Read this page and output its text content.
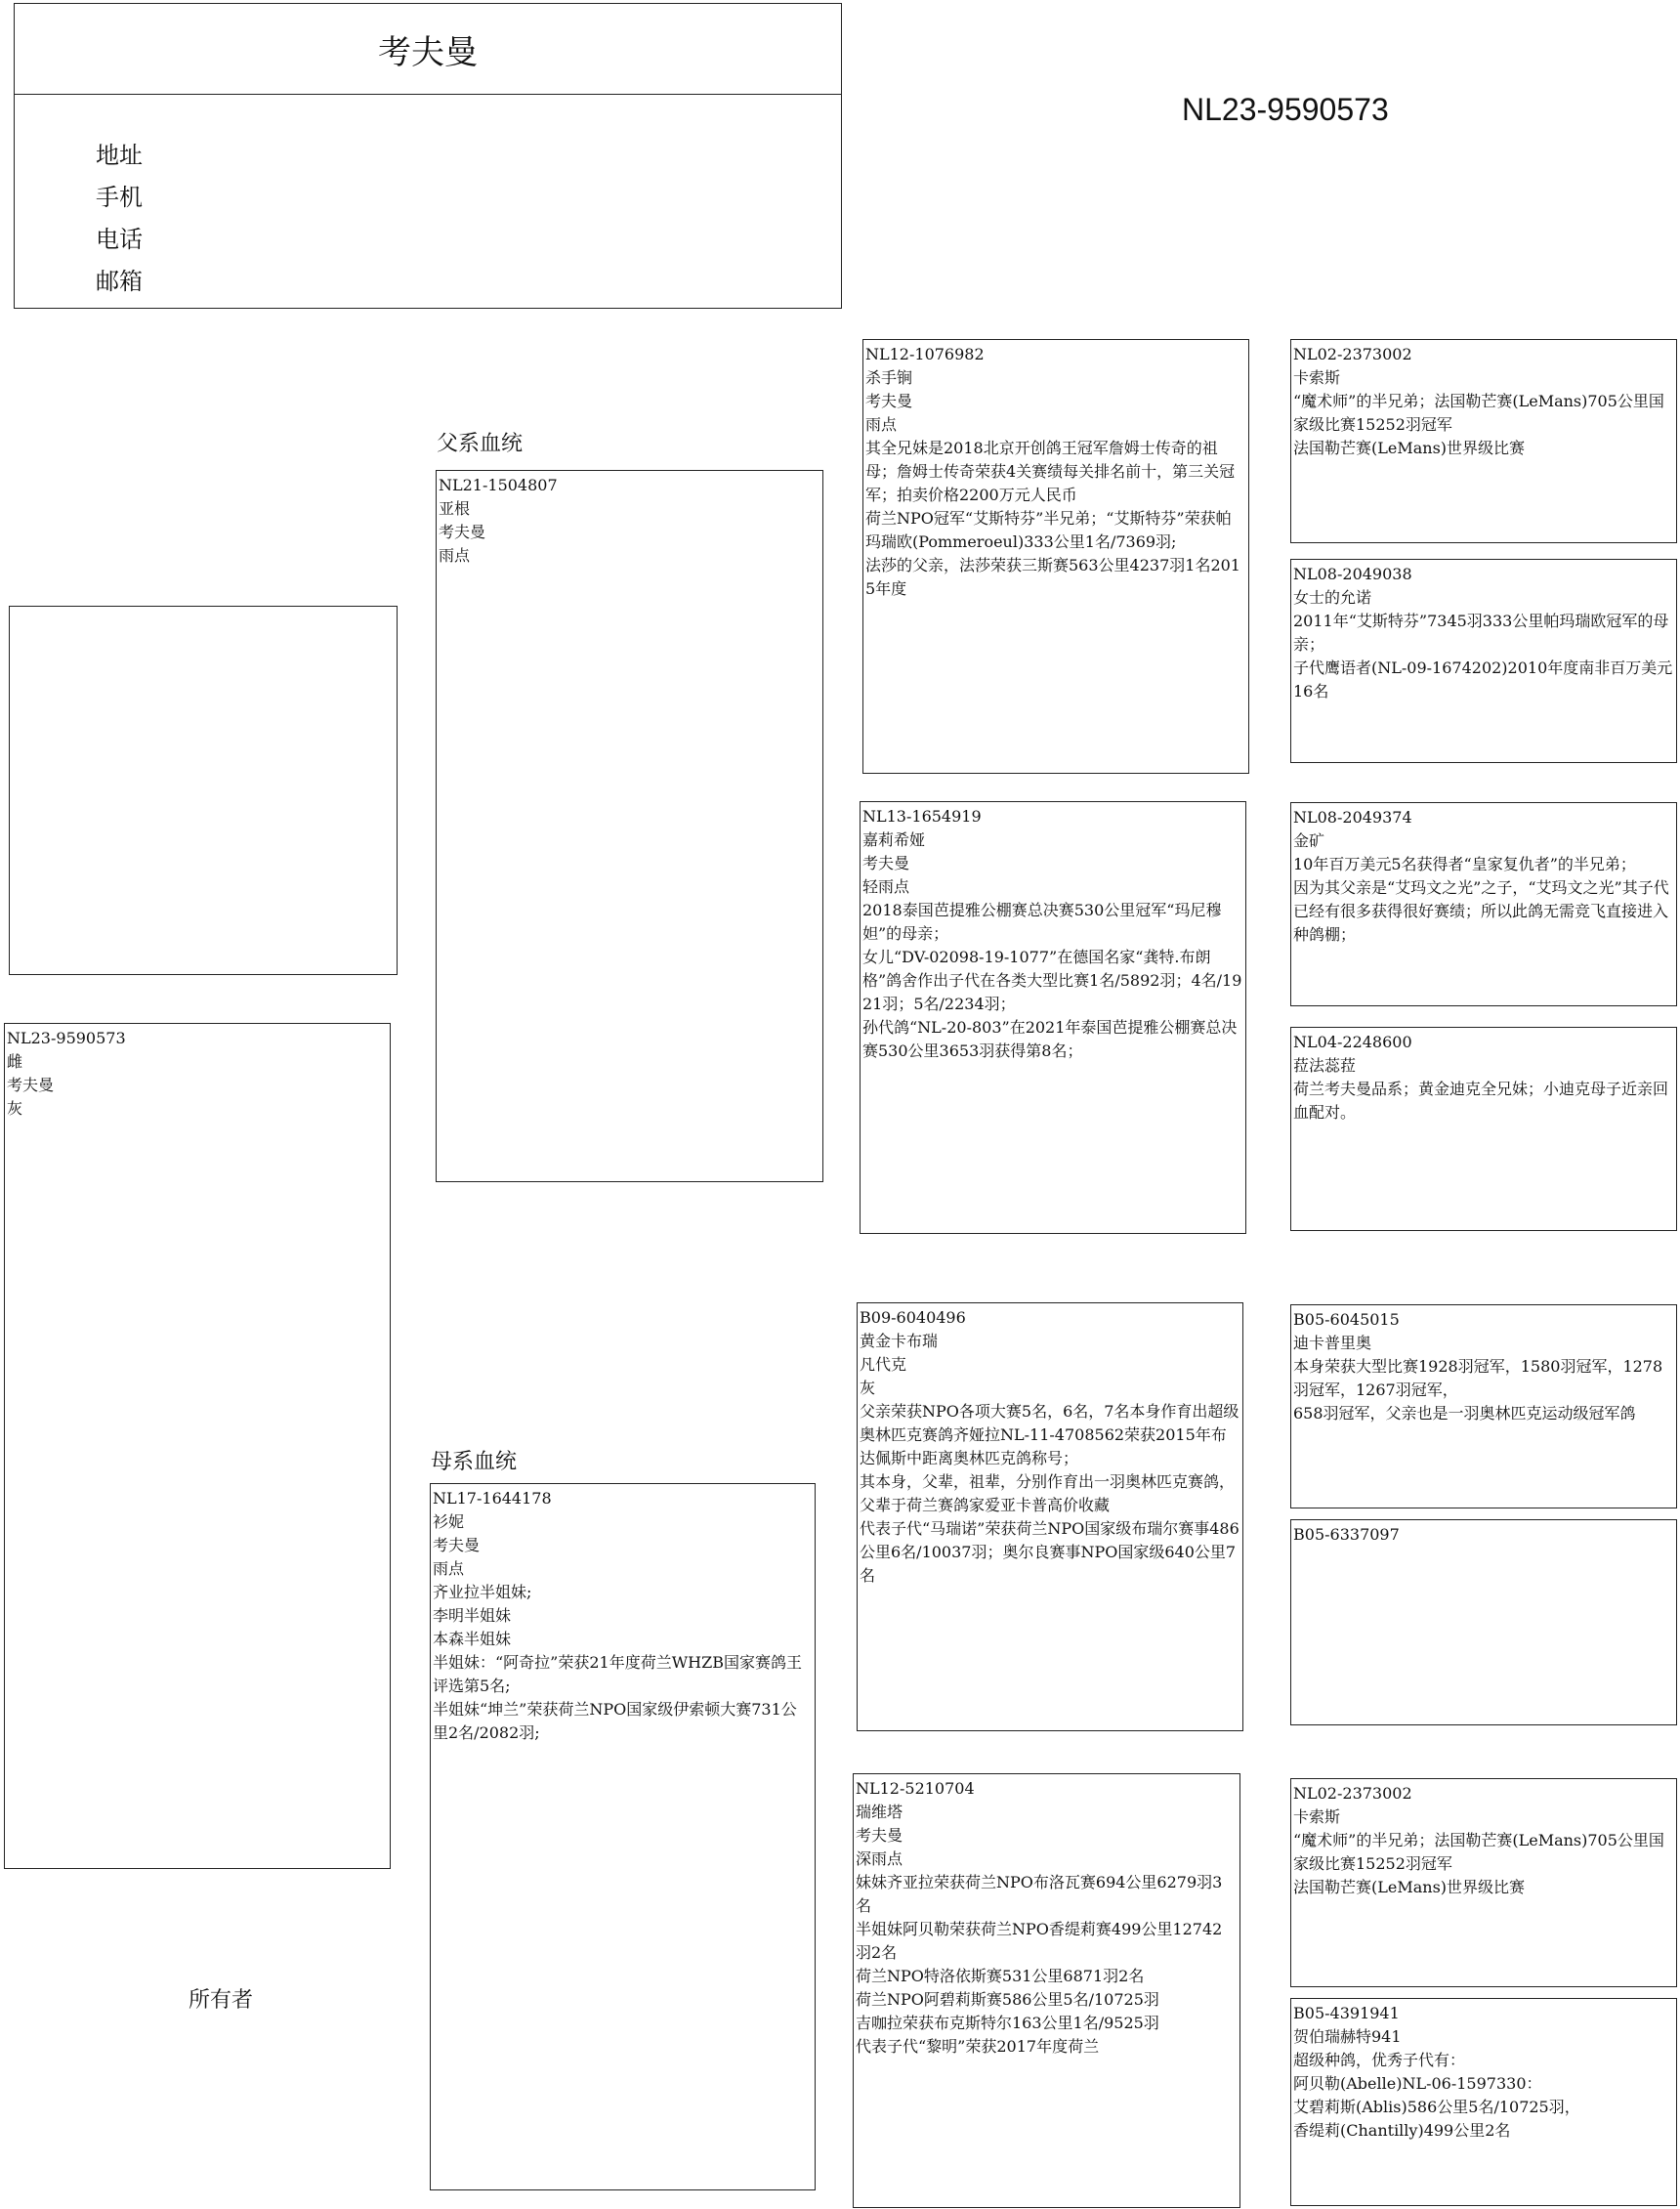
考夫曼
地址
手机
电话
邮箱
NL23-9590573
父系血统
母系血统
所有者
NL23-9590573
雌
考夫曼
灰
NL21-1504807
亚根
考夫曼
雨点
NL17-1644178
衫妮
考夫曼
雨点
齐业拉半姐妹;
李明半姐妹
本森半姐妹
半姐妹：“阿奇拉”荣获21年度荷兰WHZB国家赛鸽王评选第5名;
半姐妹“坤兰”荣获荷兰NPO国家级伊索顿大赛731公里2名/2082羽;
NL12-1076982
杀手锏
考夫曼
雨点
其全兄妹是2018北京开创鸽王冠军詹姆士传奇的祖母；詹姆士传奇荣获4关赛绩每关排名前十，第三关冠军；拍卖价格2200万元人民币
荷兰NPO冠军“艾斯特芬”半兄弟；“艾斯特芬”荣获帕玛瑞欧(Pommeroeul)333公里1名/7369羽;
法莎的父亲，法莎荣获三斯赛563公里4237羽1名2015年度
NL13-1654919
嘉莉希娅
考夫曼
轻雨点
2018泰国芭提雅公棚赛总决赛530公里冠军“玛尼穆妲”的母亲；
女儿“DV-02098-19-1077”在德国名家“龚特.布朗格”鸽舍作出子代在各类大型比赛1名/5892羽；4名/1921羽；5名/2234羽；
孙代鸽“NL-20-803”在2021年泰国芭提雅公棚赛总决赛530公里3653羽获得第8名；
B09-6040496
黄金卡布瑞
凡代克
灰
父亲荣获NPO各项大赛5名，6名，7名本身作育出超级奥林匹克赛鸽齐娅拉NL-11-4708562荣获2015年布达佩斯中距离奥林匹克鸽称号；
其本身，父辈，祖辈，分别作育出一羽奥林匹克赛鸽，父辈于荷兰赛鸽家爱亚卡普高价收藏
代表子代“马瑞诺”荣获荷兰NPO国家级布瑞尔赛事486公里6名/10037羽；奥尔良赛事NPO国家级640公里7名
NL12-5210704
瑞维塔
考夫曼
深雨点
妹妹齐亚拉荣获荷兰NPO布洛瓦赛694公里6279羽3名
半姐妹阿贝勒荣获荷兰NPO香缇莉赛499公里12742羽2名
荷兰NPO特洛依斯赛531公里6871羽2名
荷兰NPO阿碧莉斯赛586公里5名/10725羽
吉咖拉荣获布克斯特尔163公里1名/9525羽
代表子代“黎明”荣获2017年度荷兰
NL02-2373002
卡索斯
“魔术师”的半兄弟；法国勒芒赛(LeMans)705公里国家级比赛15252羽冠军
法国勒芒赛(LeMans)世界级比赛
NL08-2049038
女士的允诺
2011年“艾斯特芬”7345羽333公里帕玛瑞欧冠军的母亲；
子代鹰语者(NL-09-1674202)2010年度南非百万美元16名
NL08-2049374
金矿
10年百万美元5名获得者“皇家复仇者”的半兄弟；
因为其父亲是“艾玛文之光”之子，“艾玛文之光”其子代已经有很多获得很好赛绩；所以此鸽无需竞飞直接进入种鸽棚；
NL04-2248600
菈法蕊菈
荷兰考夫曼品系；黄金迪克全兄妹；小迪克母子近亲回血配对。
B05-6045015
迪卡普里奥
本身荣获大型比赛1928羽冠军，1580羽冠军，1278羽冠军，1267羽冠军，
658羽冠军，父亲也是一羽奥林匹克运动级冠军鸽
B05-6337097
NL02-2373002
卡索斯
“魔术师”的半兄弟；法国勒芒赛(LeMans)705公里国家级比赛15252羽冠军
法国勒芒赛(LeMans)世界级比赛
B05-4391941
贺伯瑞赫特941
超级种鸽，优秀子代有：
阿贝勒(Abelle)NL-06-1597330：
艾碧莉斯(Ablis)586公里5名/10725羽，
香缇莉(Chantilly)499公里2名
